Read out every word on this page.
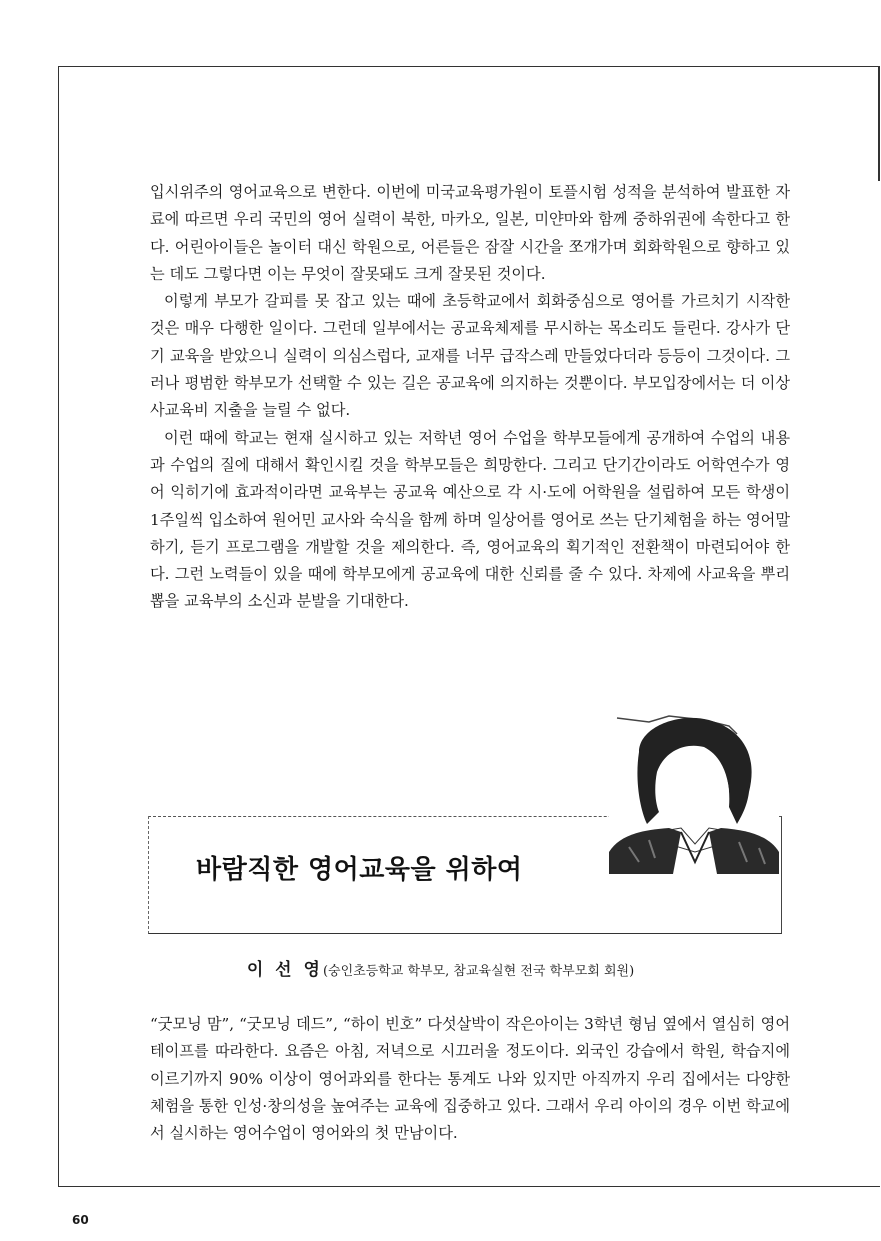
입시위주의 영어교육으로 변한다. 이번에 미국교육평가원이 토플시험 성적을 분석하여 발표한 자료에 따르면 우리 국민의 영어 실력이 북한, 마카오, 일본, 미얀마와 함께 중하위권에 속한다고 한다. 어린아이들은 놀이터 대신 학원으로, 어른들은 잠잘 시간을 쪼개가며 회화학원으로 향하고 있는 데도 그렇다면 이는 무엇이 잘못돼도 크게 잘못된 것이다.

이렇게 부모가 갈피를 못 잡고 있는 때에 초등학교에서 회화중심으로 영어를 가르치기 시작한 것은 매우 다행한 일이다. 그런데 일부에서는 공교육체제를 무시하는 목소리도 들린다. 강사가 단기 교육을 받았으니 실력이 의심스럽다, 교재를 너무 급작스레 만들었다더라 등등이 그것이다. 그러나 평범한 학부모가 선택할 수 있는 길은 공교육에 의지하는 것뿐이다. 부모입장에서는 더 이상 사교육비 지출을 늘릴 수 없다.

이런 때에 학교는 현재 실시하고 있는 저학년 영어 수업을 학부모들에게 공개하여 수업의 내용과 수업의 질에 대해서 확인시킬 것을 학부모들은 희망한다. 그리고 단기간이라도 어학연수가 영어 익히기에 효과적이라면 교육부는 공교육 예산으로 각 시·도에 어학원을 설립하여 모든 학생이 1주일씩 입소하여 원어민 교사와 숙식을 함께 하며 일상어를 영어로 쓰는 단기체험을 하는 영어말하기, 듣기 프로그램을 개발할 것을 제의한다. 즉, 영어교육의 획기적인 전환책이 마련되어야 한다. 그런 노력들이 있을 때에 학부모에게 공교육에 대한 신뢰를 줄 수 있다. 차제에 사교육을 뿌리뽑을 교육부의 소신과 분발을 기대한다.

바람직한 영어교육을 위하여
이 선 영(숭인초등학교 학부모, 참교육실현 전국 학부모회 회원)

“굿모닝 맘”, “굿모닝 데드”, “하이 빈호” 다섯살박이 작은아이는 3학년 형님 옆에서 열심히 영어 테이프를 따라한다. 요즘은 아침, 저녁으로 시끄러울 정도이다. 외국인 강습에서 학원, 학습지에 이르기까지 90% 이상이 영어과외를 한다는 통계도 나와 있지만 아직까지 우리 집에서는 다양한 체험을 통한 인성·창의성을 높여주는 교육에 집중하고 있다. 그래서 우리 아이의 경우 이번 학교에서 실시하는 영어수업이 영어와의 첫 만남이다.

60
